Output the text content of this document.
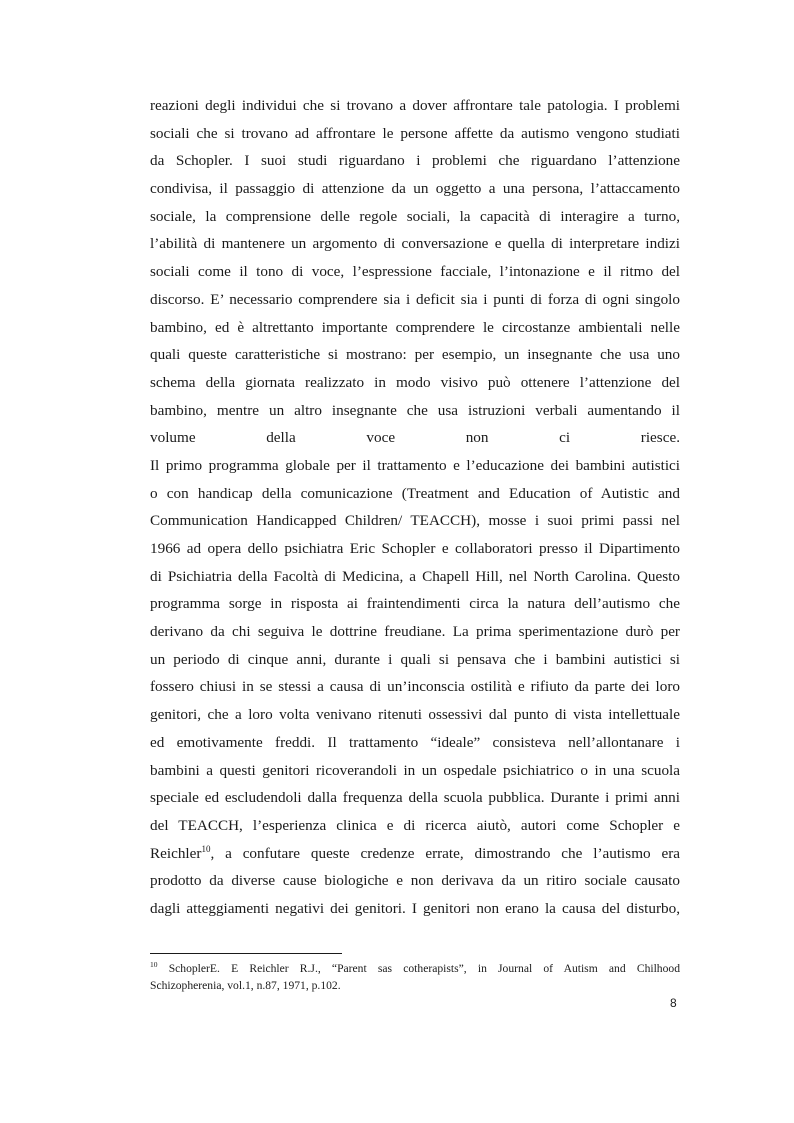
reazioni degli individui che si trovano a dover affrontare tale patologia. I problemi
sociali che si trovano ad affrontare le persone affette da autismo vengono studiati
da Schopler. I suoi studi riguardano i problemi che riguardano l’attenzione
condivisa, il passaggio di attenzione da un oggetto a una persona, l’attaccamento
sociale, la comprensione delle regole sociali, la capacità di interagire a turno,
l’abilità di mantenere un argomento di conversazione e quella di interpretare indizi
sociali come il tono di voce, l’espressione facciale, l’intonazione e il ritmo del
discorso. E’ necessario comprendere sia i deficit sia i punti di forza di ogni singolo
bambino, ed è altrettanto importante comprendere le circostanze ambientali nelle
quali queste caratteristiche si mostrano: per esempio, un insegnante che usa uno
schema della giornata realizzato in modo visivo può ottenere l’attenzione del
bambino, mentre un altro insegnante che usa istruzioni verbali aumentando il
volume della voce non ci riesce.
Il primo programma globale per il trattamento e l’educazione dei bambini autistici
o con handicap della comunicazione (Treatment and Education of Autistic and
Communication Handicapped Children/ TEACCH), mosse i suoi primi passi nel
1966 ad opera dello psichiatra Eric Schopler e collaboratori presso il Dipartimento
di Psichiatria della Facoltà di Medicina, a Chapell Hill, nel North Carolina. Questo
programma sorge in risposta ai fraintendimenti circa la natura dell’autismo che
derivano da chi seguiva le dottrine freudiane. La prima sperimentazione durò per
un periodo di cinque anni, durante i quali si pensava che i bambini autistici si
fossero chiusi in se stessi a causa di un’inconscia ostilità e rifiuto da parte dei loro
genitori, che a loro volta venivano ritenuti ossessivi dal punto di vista intellettuale
ed emotivamente freddi. Il trattamento “ideale” consisteva nell’allontanare i
bambini a questi genitori ricoverandoli in un ospedale psichiatrico o in una scuola
speciale ed escludendoli dalla frequenza della scuola pubblica. Durante i primi anni
del TEACCH, l’esperienza clinica e di ricerca aiutò, autori come Schopler e
Reichler$^{10}$, a confutare queste credenze errate, dimostrando che l’autismo era
prodotto da diverse cause biologiche e non derivava da un ritiro sociale causato
dagli atteggiamenti negativi dei genitori. I genitori non erano la causa del disturbo,
$^{10}$ SchoplerE. E Reichler R.J., “Parent sas cotherapists”, in Journal of Autism and Chilhood
Schizopherenia, vol.1, n.87, 1971, p.102.
8
